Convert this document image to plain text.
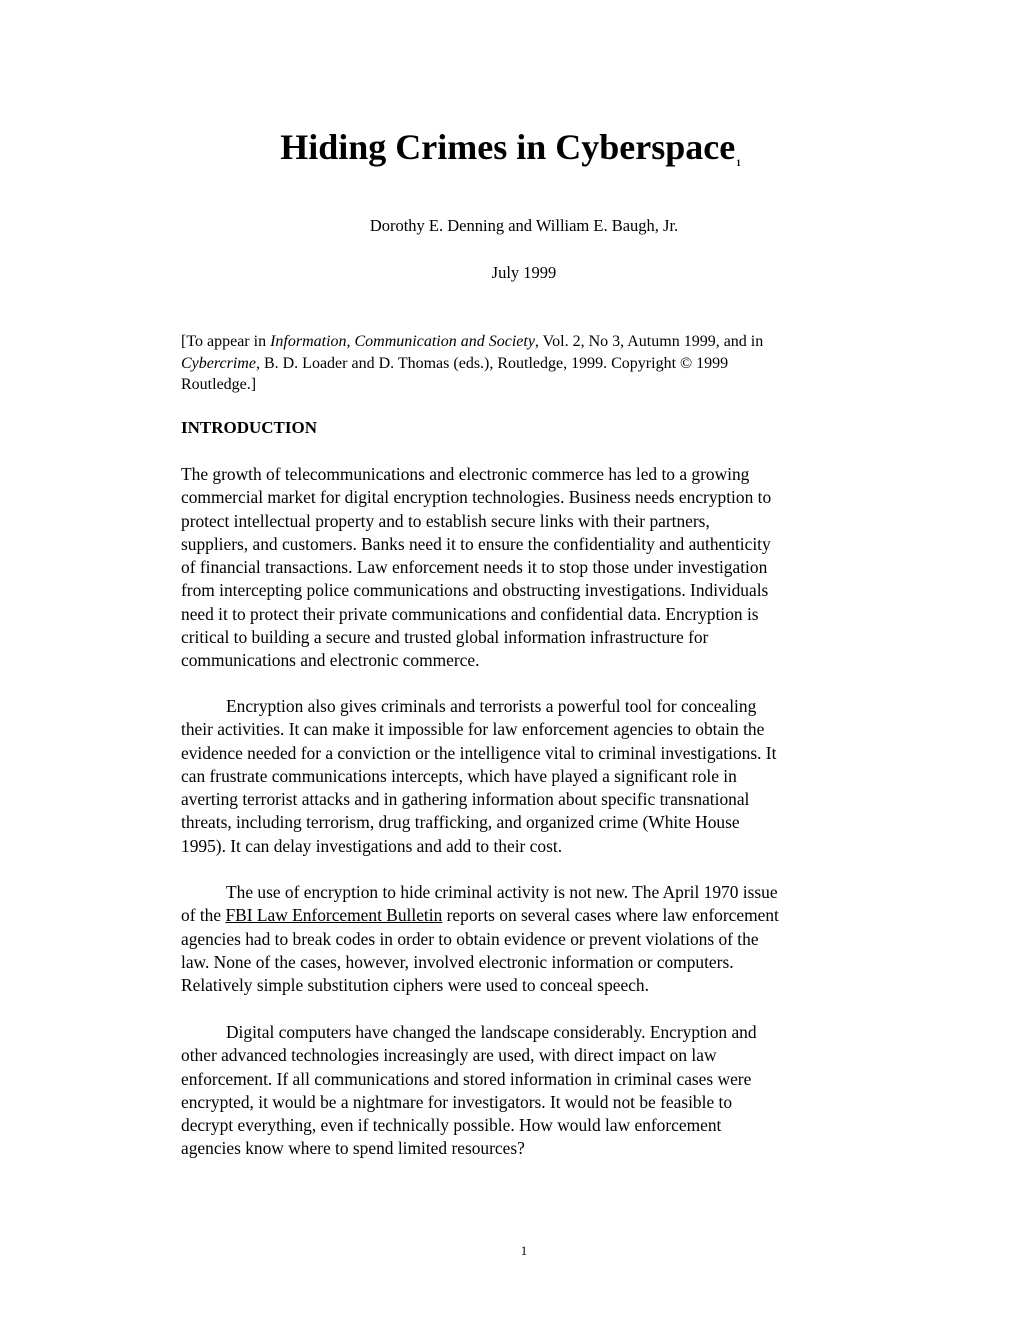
Hiding Crimes in Cyberspace$^1$
Dorothy E. Denning and William E. Baugh, Jr.
July 1999
[To appear in Information, Communication and Society, Vol. 2, No 3, Autumn 1999, and in
Cybercrime, B. D. Loader and D. Thomas (eds.), Routledge, 1999. Copyright © 1999
Routledge.]
INTRODUCTION
The growth of telecommunications and electronic commerce has led to a growing
commercial market for digital encryption technologies. Business needs encryption to
protect intellectual property and to establish secure links with their partners,
suppliers, and customers. Banks need it to ensure the confidentiality and authenticity
of financial transactions. Law enforcement needs it to stop those under investigation
from intercepting police communications and obstructing investigations. Individuals
need it to protect their private communications and confidential data. Encryption is
critical to building a secure and trusted global information infrastructure for
communications and electronic commerce.
Encryption also gives criminals and terrorists a powerful tool for concealing
their activities. It can make it impossible for law enforcement agencies to obtain the
evidence needed for a conviction or the intelligence vital to criminal investigations. It
can frustrate communications intercepts, which have played a significant role in
averting terrorist attacks and in gathering information about specific transnational
threats, including terrorism, drug trafficking, and organized crime (White House
1995). It can delay investigations and add to their cost.
The use of encryption to hide criminal activity is not new. The April 1970 issue
of the FBI Law Enforcement Bulletin reports on several cases where law enforcement
agencies had to break codes in order to obtain evidence or prevent violations of the
law. None of the cases, however, involved electronic information or computers.
Relatively simple substitution ciphers were used to conceal speech.
Digital computers have changed the landscape considerably. Encryption and
other advanced technologies increasingly are used, with direct impact on law
enforcement. If all communications and stored information in criminal cases were
encrypted, it would be a nightmare for investigators. It would not be feasible to
decrypt everything, even if technically possible. How would law enforcement
agencies know where to spend limited resources?
1
